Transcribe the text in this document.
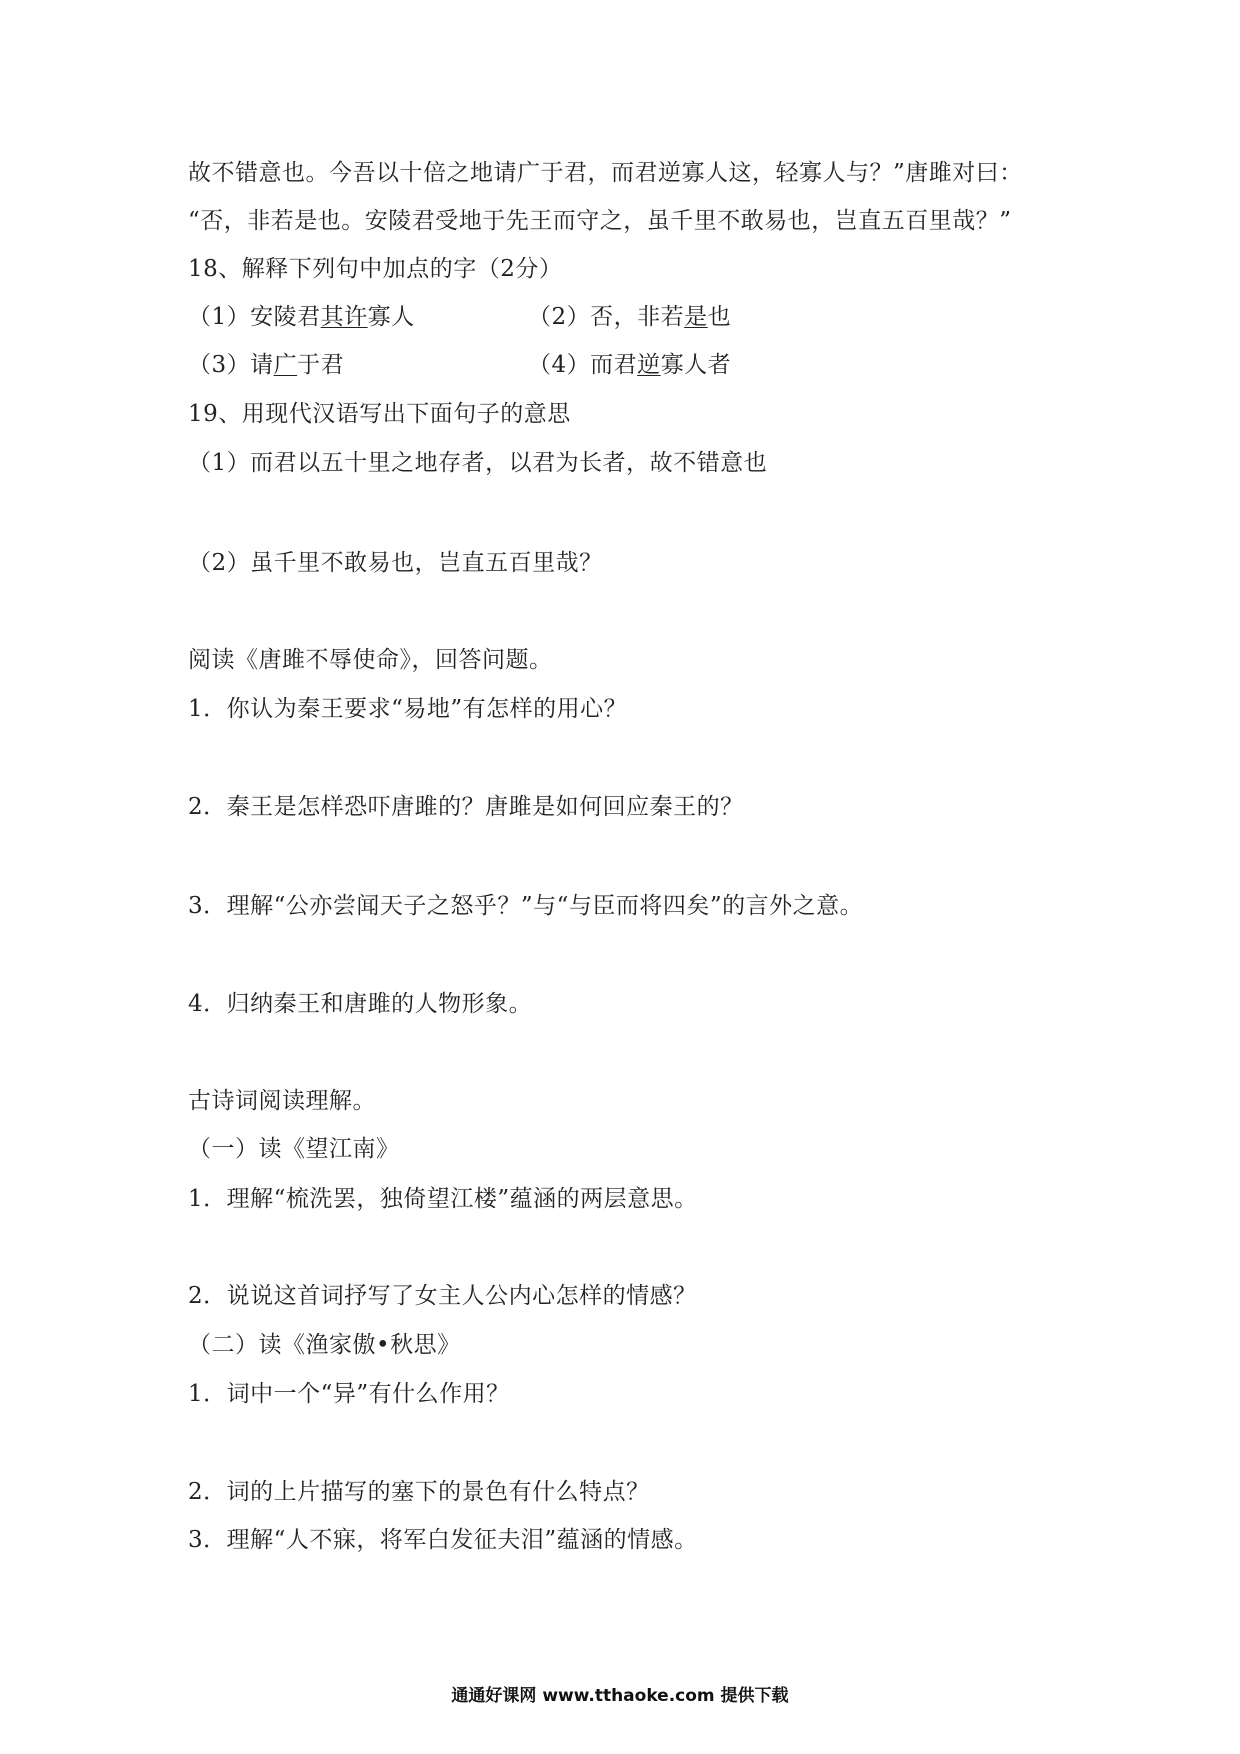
故不错意也。今吾以十倍之地请广于君，而君逆寡人这，轻寡人与？”唐雎对曰：
“否，非若是也。安陵君受地于先王而守之，虽千里不敢易也，岂直五百里哉？”
18、解释下列句中加点的字（2分）
（1）安陵君其许寡人	（2）否，非若是也
（3）请广于君	（4）而君逆寡人者
19、用现代汉语写出下面句子的意思
（1）而君以五十里之地存者，以君为长者，故不错意也
（2）虽千里不敢易也，岂直五百里哉？
阅读《唐雎不辱使命》，回答问题。
1．你认为秦王要求“易地”有怎样的用心？
2．秦王是怎样恐吓唐雎的？唐雎是如何回应秦王的？
3．理解“公亦尝闻天子之怒乎？”与“与臣而将四矣”的言外之意。
4．归纳秦王和唐雎的人物形象。
古诗词阅读理解。
（一）读《望江南》
1．理解“梳洗罢，独倚望江楼”蕴涵的两层意思。
2．说说这首词抒写了女主人公内心怎样的情感？
（二）读《渔家傲•秋思》
1．词中一个“异”有什么作用？
2．词的上片描写的塞下的景色有什么特点？
3．理解“人不寐，将军白发征夫泪”蕴涵的情感。
通通好课网 www.tthaoke.com 提供下载
